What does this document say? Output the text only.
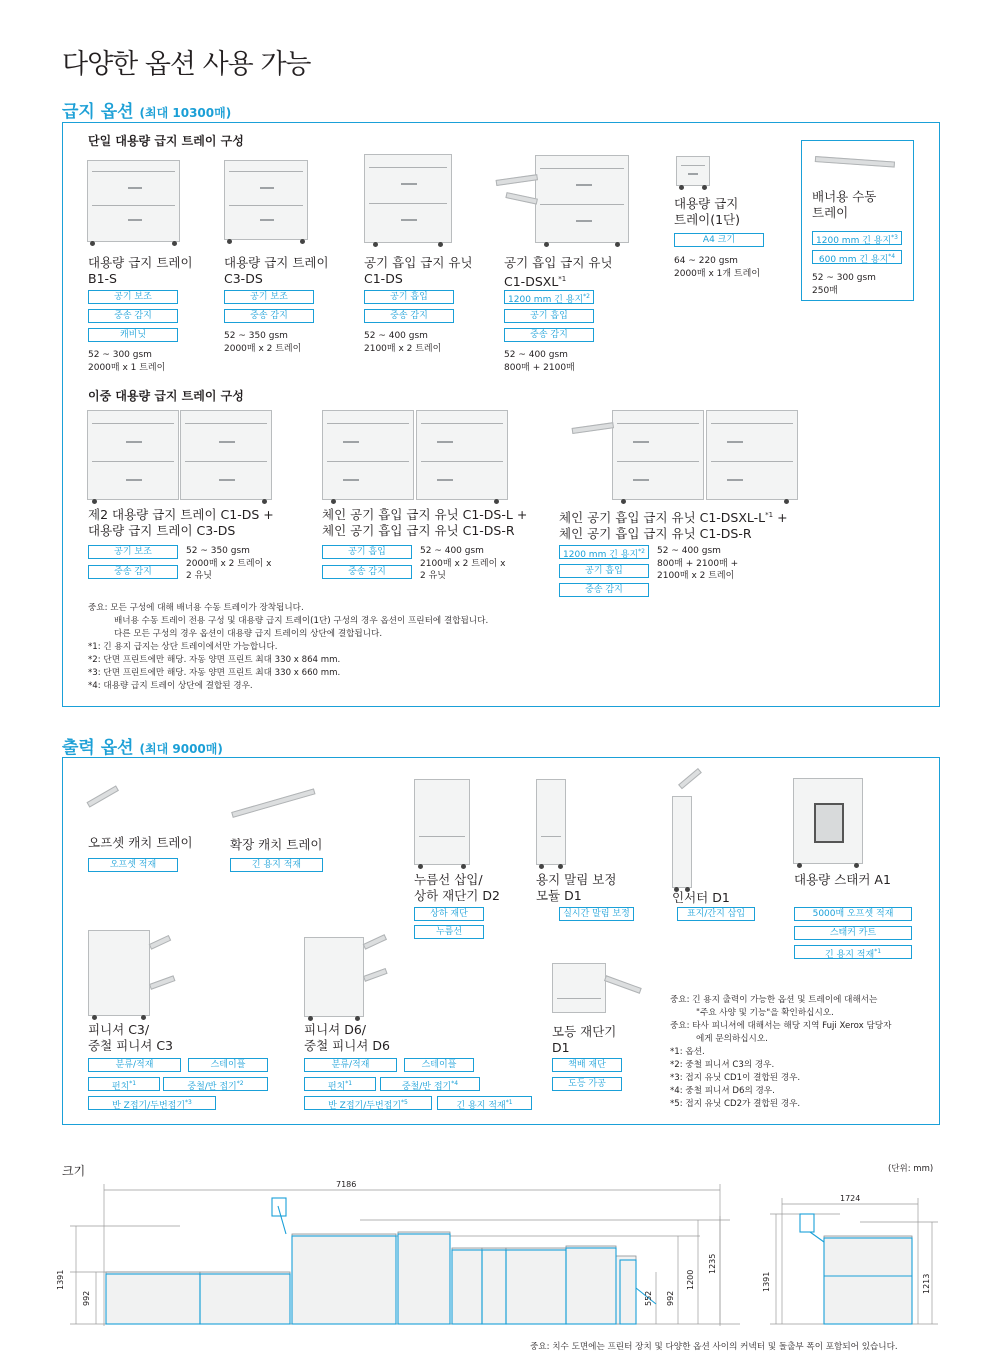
다양한 옵션 사용 가능
급지 옵션 (최대 10300매)
단일 대용량 급지 트레이 구성
대용량 급지 트레이
B1-S
공기 보조
중송 감지
캐비닛
52 ~ 300 gsm
2000매 x 1 트레이
대용량 급지 트레이
C3-DS
공기 보조
중송 감지
52 ~ 350 gsm
2000매 x 2 트레이
공기 흡입 급지 유닛
C1-DS
공기 흡입
중송 감지
52 ~ 400 gsm
2100매 x 2 트레이
공기 흡입 급지 유닛
C1-DSXL$^{*1}$
1200 mm 긴 용지$^{*2}$
공기 흡입
중송 감지
52 ~ 400 gsm
800매 + 2100매
대용량 급지
트레이(1단)
A4 크기
64 ~ 220 gsm
2000매 x 1개 트레이
배너용 수동
트레이
1200 mm 긴 용지$^{*3}$
600 mm 긴 용지$^{*4}$
52 ~ 300 gsm
250매
이중 대용량 급지 트레이 구성
제2 대용량 급지 트레이 C1-DS +
대용량 급지 트레이 C3-DS
공기 보조
중송 감지
52 ~ 350 gsm
2000매 x 2 트레이 x
2 유닛
체인 공기 흡입 급지 유닛 C1-DS-L +
체인 공기 흡입 급지 유닛 C1-DS-R
공기 흡입
중송 감지
52 ~ 400 gsm
2100매 x 2 트레이 x
2 유닛
체인 공기 흡입 급지 유닛 $C1-DSXL-L^{*1}$ +
체인 공기 흡입 급지 유닛 C1-DS-R
1200 mm 긴 용지$^{*2}$
공기 흡입
중송 감지
52 ~ 400 gsm
800매 + 2100매 +
2100매 x 2 트레이
중요: 모든 구성에 대해 배너용 수동 트레이가 장착됩니다.
배너용 수동 트레이 전용 구성 및 대용량 급지 트레이(1단) 구성의 경우 옵션이 프린터에 결합됩니다.
다른 모든 구성의 경우 옵션이 대용량 급지 트레이의 상단에 결합됩니다.
*1: 긴 용지 급지는 상단 트레이에서만 가능합니다.
*2: 단면 프린트에만 해당. 자동 양면 프린트 최대 330 x 864 mm.
*3: 단면 프린트에만 해당. 자동 양면 프린트 최대 330 x 660 mm.
*4: 대용량 급지 트레이 상단에 결합된 경우.
출력 옵션 (최대 9000매)
오프셋 캐치 트레이
오프셋 적재
확장 캐치 트레이
긴 용지 적재
누름선 삽입/
상하 재단기 D2
상하 재단
누름선
용지 말림 보정
모듈 D1
실시간 말림 보정
인서터 D1
표지/간지 삽입
대용량 스태커 A1
5000매 오프셋 적재
스태커 카트
긴 용지 적재$^{*1}$
피니셔 C3/
중철 피니셔 C3
분류/적재	스테이플
펀치$^{*1}$	중철/반 접기$^{*2}$
반 Z접기/두번접기$^{*3}$
피니셔 D6/
중철 피니셔 D6
분류/적재	스테이플
펀치$^{*1}$	중철/반 접기$^{*4}$
반 Z접기/두번접기$^{*5}$	긴 용지 적재$^{*1}$
모등 재단기
D1
책배 재단
도등 가공
중요: 긴 용지 출력이 가능한 옵션 및 트레이에 대해서는
"주요 사양 및 기능"을 확인하십시오.
중요: 타사 피니셔에 대해서는 해당 지역 Fuji Xerox 담당자
에게 문의하십시오.
*1: 옵션.
*2: 중철 피니셔 C3의 경우.
*3: 접지 유닛 CD1이 결합된 경우.
*4: 중철 피니셔 D6의 경우.
*5: 접지 유닛 CD2가 결합된 경우.
크기	(단위: mm)
7186
1391
992	552 992
1200
1235
1724
1391	1213
중요: 치수 도면에는 프린터 장치 및 다양한 옵션 사이의 커넥터 및 돌출부 폭이 포함되어 있습니다.
